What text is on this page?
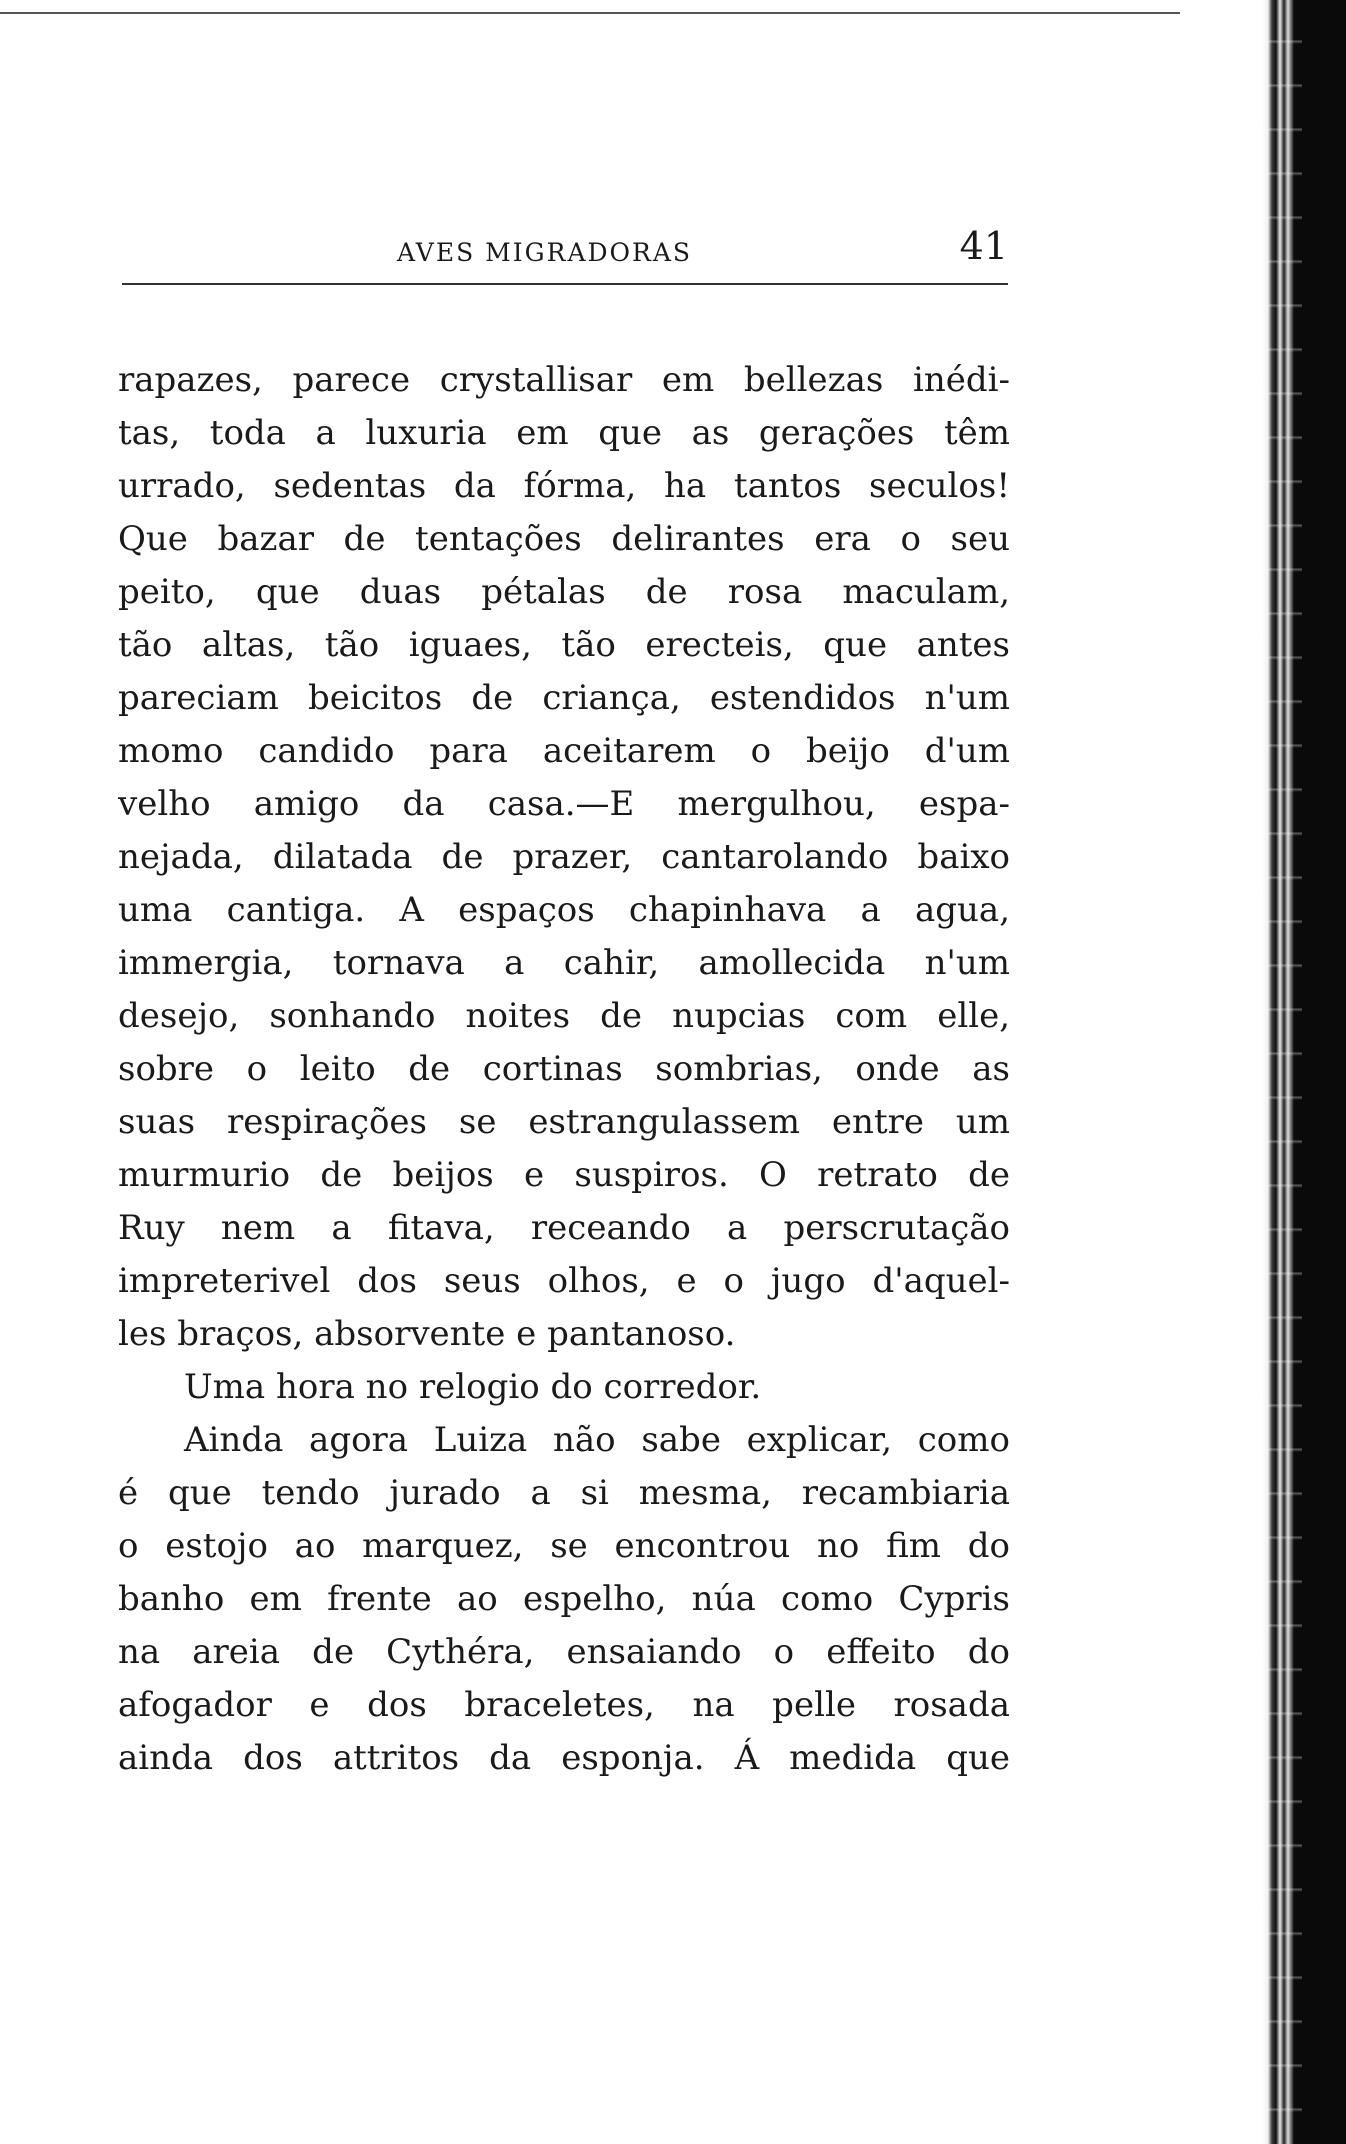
AVES MIGRADORAS	41
rapazes, parece crystallisar em bellezas inédi-
tas, toda a luxuria em que as gerações têm
urrado, sedentas da fórma, ha tantos seculos!
Que bazar de tentações delirantes era o seu
peito, que duas pétalas de rosa maculam,
tão altas, tão iguaes, tão erecteis, que antes
pareciam beicitos de criança, estendidos n'um
momo candido para aceitarem o beijo d'um
velho amigo da casa.—E mergulhou, espa-
nejada, dilatada de prazer, cantarolando baixo
uma cantiga. A espaços chapinhava a agua,
immergia, tornava a cahir, amollecida n'um
desejo, sonhando noites de nupcias com elle,
sobre o leito de cortinas sombrias, onde as
suas respirações se estrangulassem entre um
murmurio de beijos e suspiros. O retrato de
Ruy nem a fitava, receando a perscrutação
impreterivel dos seus olhos, e o jugo d'aquel-
les braços, absorvente e pantanoso.
Uma hora no relogio do corredor.
Ainda agora Luiza não sabe explicar, como
é que tendo jurado a si mesma, recambiaria
o estojo ao marquez, se encontrou no fim do
banho em frente ao espelho, núa como Cypris
na areia de Cythéra, ensaiando o effeito do
afogador e dos braceletes, na pelle rosada
ainda dos attritos da esponja. Á medida que
